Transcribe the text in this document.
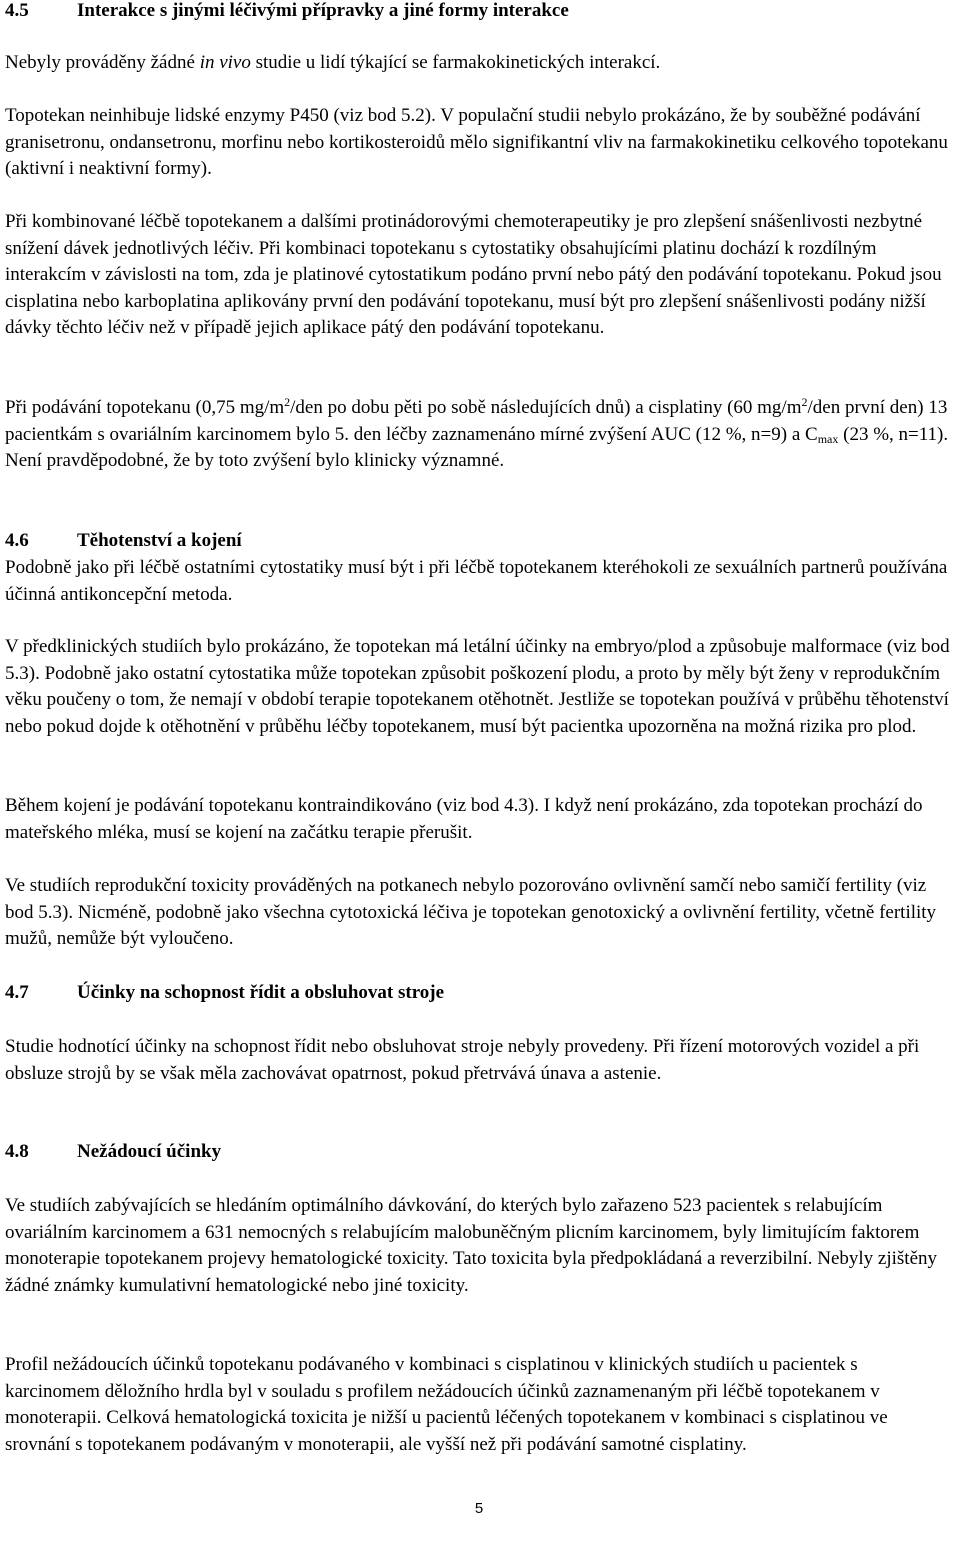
4.5	Interakce s jinými léčivými přípravky a jiné formy interakce

Nebyly prováděny žádné in vivo studie u lidí týkající se farmakokinetických interakcí.

Topotekan neinhibuje lidské enzymy P450 (viz bod 5.2). V populační studii nebylo prokázáno, že by souběžné podávání granisetronu, ondansetronu, morfinu nebo kortikosteroidů mělo signifikantní vliv na farmakokinetiku celkového topotekanu (aktivní i neaktivní formy).

Při kombinované léčbě topotekanem a dalšími protinádorovými chemoterapeutiky je pro zlepšení snášenlivosti nezbytné snížení dávek jednotlivých léčiv. Při kombinaci topotekanu s cytostatiky obsahujícími platinu dochází k rozdílným interakcím v závislosti na tom, zda je platinové cytostatikum podáno první nebo pátý den podávání topotekanu. Pokud jsou cisplatina nebo karboplatina aplikovány první den podávání topotekanu, musí být pro zlepšení snášenlivosti podány nižší dávky těchto léčiv než v případě jejich aplikace pátý den podávání topotekanu.

Při podávání topotekanu (0,75 $mg/m^2$/den po dobu pěti po sobě následujících dnů) a cisplatiny (60 $mg/m^2$/den první den) 13 pacientkám s ovariálním karcinomem bylo 5. den léčby zaznamenáno mírné zvýšení AUC (12 %, n=9) a $C_{max}$ (23 %, n=11). Není pravděpodobné, že by toto zvýšení bylo klinicky významné.

4.6	Těhotenství a kojení

Podobně jako při léčbě ostatními cytostatiky musí být i při léčbě topotekanem kteréhokoli ze sexuálních partnerů používána účinná antikoncepční metoda.

V předklinických studiích bylo prokázáno, že topotekan má letální účinky na embryo/plod a způsobuje malformace (viz bod 5.3). Podobně jako ostatní cytostatika může topotekan způsobit poškození plodu, a proto by měly být ženy v reprodukčním věku poučeny o tom, že nemají v období terapie topotekanem otěhotnět. Jestliže se topotekan používá v průběhu těhotenství nebo pokud dojde k otěhotnění v průběhu léčby topotekanem, musí být pacientka upozorněna na možná rizika pro plod.

Během kojení je podávání topotekanu kontraindikováno (viz bod 4.3). I když není prokázáno, zda topotekan prochází do mateřského mléka, musí se kojení na začátku terapie přerušit.

Ve studiích reprodukční toxicity prováděných na potkanech nebylo pozorováno ovlivnění samčí nebo samičí fertility (viz bod 5.3). Nicméně, podobně jako všechna cytotoxická léčiva je topotekan genotoxický a ovlivnění fertility, včetně fertility mužů, nemůže být vyloučeno.

4.7	Účinky na schopnost řídit a obsluhovat stroje

Studie hodnotící účinky na schopnost řídit nebo obsluhovat stroje nebyly provedeny. Při řízení motorových vozidel a při obsluze strojů by se však měla zachovávat opatrnost, pokud přetrvává únava a astenie.

4.8	Nežádoucí účinky

Ve studiích zabývajících se hledáním optimálního dávkování, do kterých bylo zařazeno 523 pacientek s relabujícím ovariálním karcinomem a 631 nemocných s relabujícím malobuněčným plicním karcinomem, byly limitujícím faktorem monoterapie topotekanem projevy hematologické toxicity. Tato toxicita byla předpokládaná a reverzibilní. Nebyly zjištěny žádné známky kumulativní hematologické nebo jiné toxicity.

Profil nežádoucích účinků topotekanu podávaného v kombinaci s cisplatinou v klinických studiích u pacientek s karcinomem děložního hrdla byl v souladu s profilem nežádoucích účinků zaznamenaným při léčbě topotekanem v monoterapii. Celková hematologická toxicita je nižší u pacientů léčených topotekanem v kombinaci s cisplatinou ve srovnání s topotekanem podávaným v monoterapii, ale vyšší než při podávání samotné cisplatiny.

5
